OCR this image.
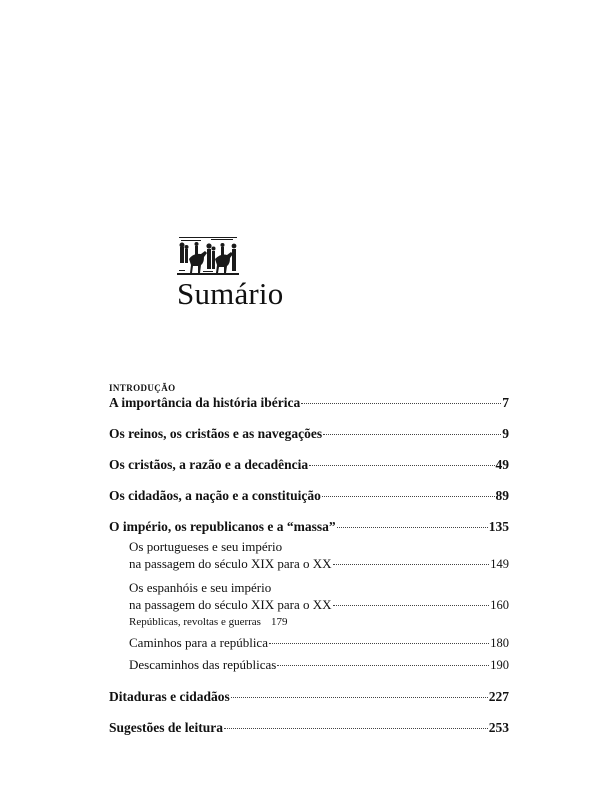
Sumário
INTRODUÇÃO
A importância da história ibérica	7
Os reinos, os cristãos e as navegações	9
Os cristãos, a razão e a decadência	49
Os cidadãos, a nação e a constituição	89
O império, os republicanos e a “massa”	135
Os portugueses e seu império
na passagem do século XIX para o XX	149
Os espanhóis e seu império
na passagem do século XIX para o XX	160
Repúblicas, revoltas e guerras 179
Caminhos para a república	180
Descaminhos das repúblicas	190
Ditaduras e cidadãos	227
Sugestões de leitura	253
